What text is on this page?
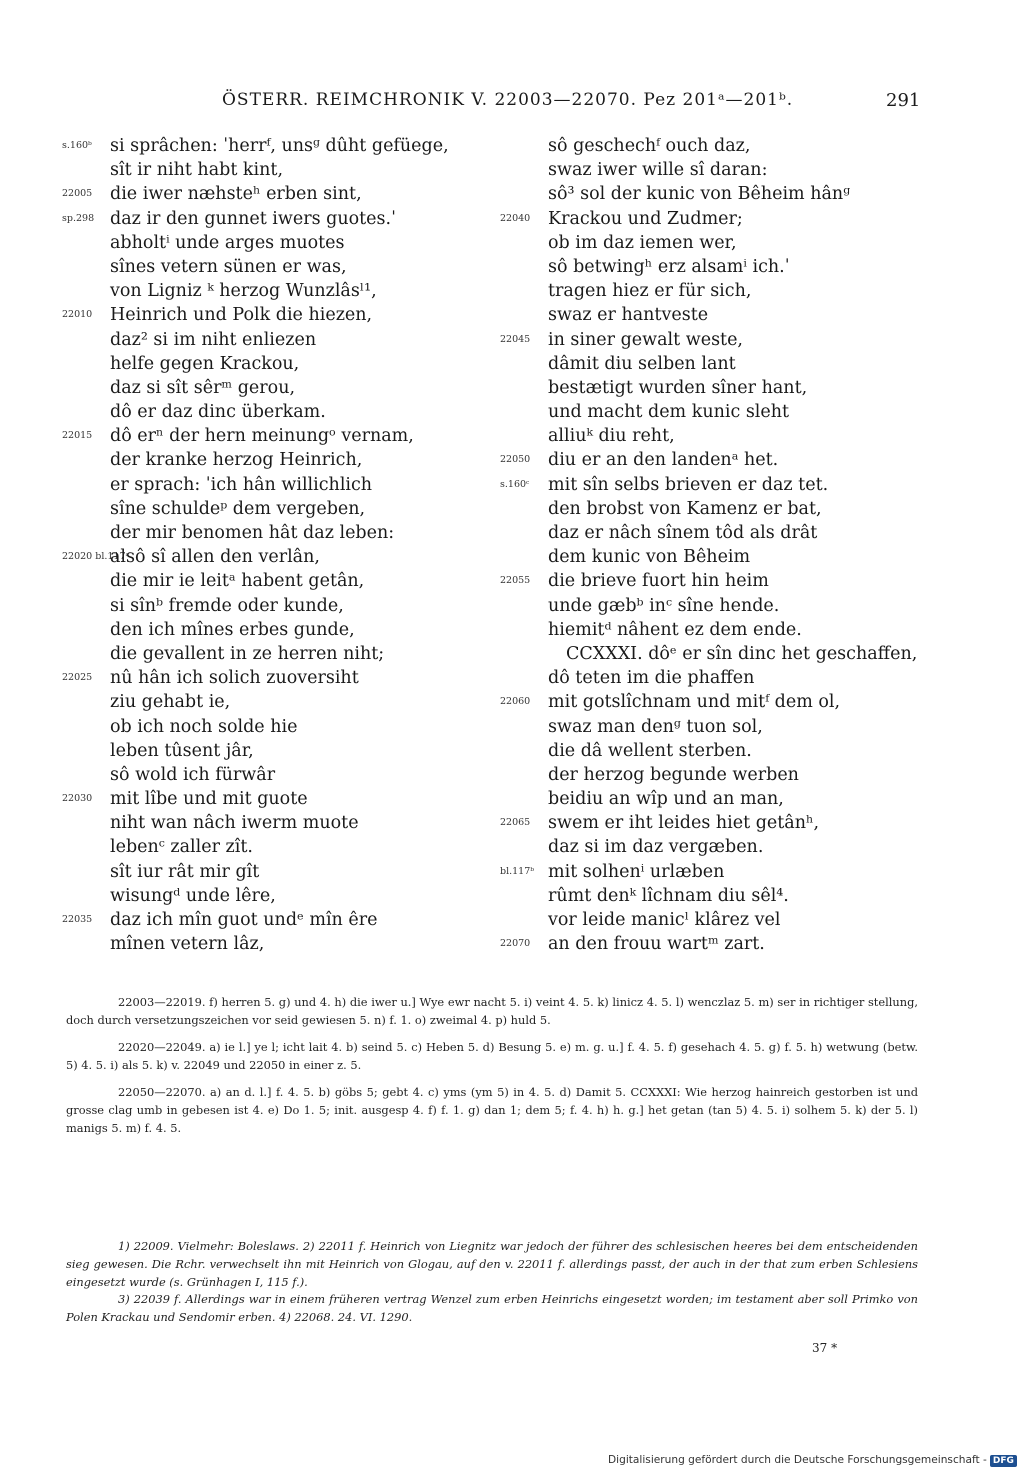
ÖSTERR. REIMCHRONIK V. 22003—22070. Pez 201ᵃ—201ᵇ.	291
s.160ᵇ	si sprâchen: ˈherrᶠ, unsᵍ dûht gefüege,
sît ir niht habt kint,
22005	die iwer næhsteʰ erben sint,
sp.298 daz ir den gunnet iwers guotes.ˈ
abholtⁱ unde arges muotes
sînes vetern sünen er was,
von Ligniz ᵏ herzog Wunzlâsˡ¹,
22010	Heinrich und Polk die hiezen,
daz² si im niht enliezen
helfe gegen Krackou,
daz si sît sêrᵐ gerou,
dô er daz dinc überkam.
22015	dô erⁿ der hern meinungᵒ vernam,
der kranke herzog Heinrich,
er sprach: ˈich hân willichlich
sîne schuldeᵖ dem vergeben,
der mir benomen hât daz leben:
22020 bl.117ᵃ
alsô sî allen den verlân,
die mir ie leitᵃ habent getân,
si sînᵇ fremde oder kunde,
den ich mînes erbes gunde,
die gevallent in ze herren niht;
22025	nû hân ich solich zuoversiht
ziu gehabt ie,
ob ich noch solde hie
leben tûsent jâr,
sô wold ich fürwâr
22030	mit lîbe und mit guote
niht wan nâch iwerm muote
lebenᶜ zaller zît.
sît iur rât mir gît
wisungᵈ unde lêre,
22035	daz ich mîn guot undᵉ mîn êre
mînen vetern lâz,
sô geschechᶠ ouch daz,
swaz iwer wille sî daran:
sô³ sol der kunic von Bêheim hânᵍ
22040	Krackou und Zudmer;
ob im daz iemen wer,
sô betwingʰ erz alsamⁱ ich.ˈ
tragen hiez er für sich,
swaz er hantveste
22045	in siner gewalt weste,
dâmit diu selben lant
bestætigt wurden sîner hant,
und macht dem kunic sleht
alliuᵏ diu reht,
22050	diu er an den landenᵃ het.
s.160ᶜ	mit sîn selbs brieven er daz tet.
den brobst von Kamenz er bat,
daz er nâch sînem tôd als drât
dem kunic von Bêheim
22055	die brieve fuort hin heim
unde gæbᵇ inᶜ sîne hende.
hiemitᵈ nâhent ez dem ende.
CCXXXI. dôᵉ er sîn dinc het geschaffen,
dô teten im die phaffen
22060	mit gotslîchnam und mitᶠ dem ol,
swaz man denᵍ tuon sol,
die dâ wellent sterben.
der herzog begunde werben
beidiu an wîp und an man,
22065	swem er iht leides hiet getânʰ,
daz si im daz vergæben.
bl.117ᵇ mit solhenⁱ urlæben
rûmt denᵏ lîchnam diu sêl⁴.
vor leide manicˡ klârez vel
22070	an den frouu wartᵐ zart.

22003—22019. f) herren 5. g) und 4. h) die iwer u.] Wye ewr nacht 5. i) veint 4. 5. k) linicz 4. 5. l) wenczlaz 5. m) ser in richtiger stellung, doch durch versetzungszeichen vor seid gewiesen 5. n) f. 1. o) zweimal 4. p) huld 5.

22020—22049. a) ie l.] ye l; icht lait 4. b) seind 5. c) Heben 5. d) Besung 5. e) m. g. u.] f. 4. 5. f) gesehach 4. 5. g) f. 5. h) wetwung (betw. 5) 4. 5. i) als 5. k) v. 22049 und 22050 in einer z. 5.

22050—22070. a) an d. l.] f. 4. 5. b) göbs 5; gebt 4. c) yms (ym 5) in 4. 5. d) Damit 5. CCXXXI: Wie herzog hainreich gestorben ist und grosse clag umb in gebesen ist 4. e) Do 1. 5; init. ausgesp 4. f) f. 1. g) dan 1; dem 5; f. 4. h) h. g.] het getan (tan 5) 4. 5. i) solhem 5. k) der 5. l) manigs 5. m) f. 4. 5.

1) 22009. Vielmehr: Boleslaws. 2) 22011 f. Heinrich von Liegnitz war jedoch der führer des schlesischen heeres bei dem entscheidenden sieg gewesen. Die Rchr. verwechselt ihn mit Heinrich von Glogau, auf den v. 22011 f. allerdings passt, der auch in der that zum erben Schlesiens eingesetzt wurde (s. Grünhagen I, 115 f.).

3) 22039 f. Allerdings war in einem früheren vertrag Wenzel zum erben Heinrichs eingesetzt worden; im testament aber soll Primko von Polen Krackau und Sendomir erben. 4) 22068. 24. VI. 1290.

37 *
Digitalisierung gefördert durch die Deutsche Forschungsgemeinschaft - DFG
